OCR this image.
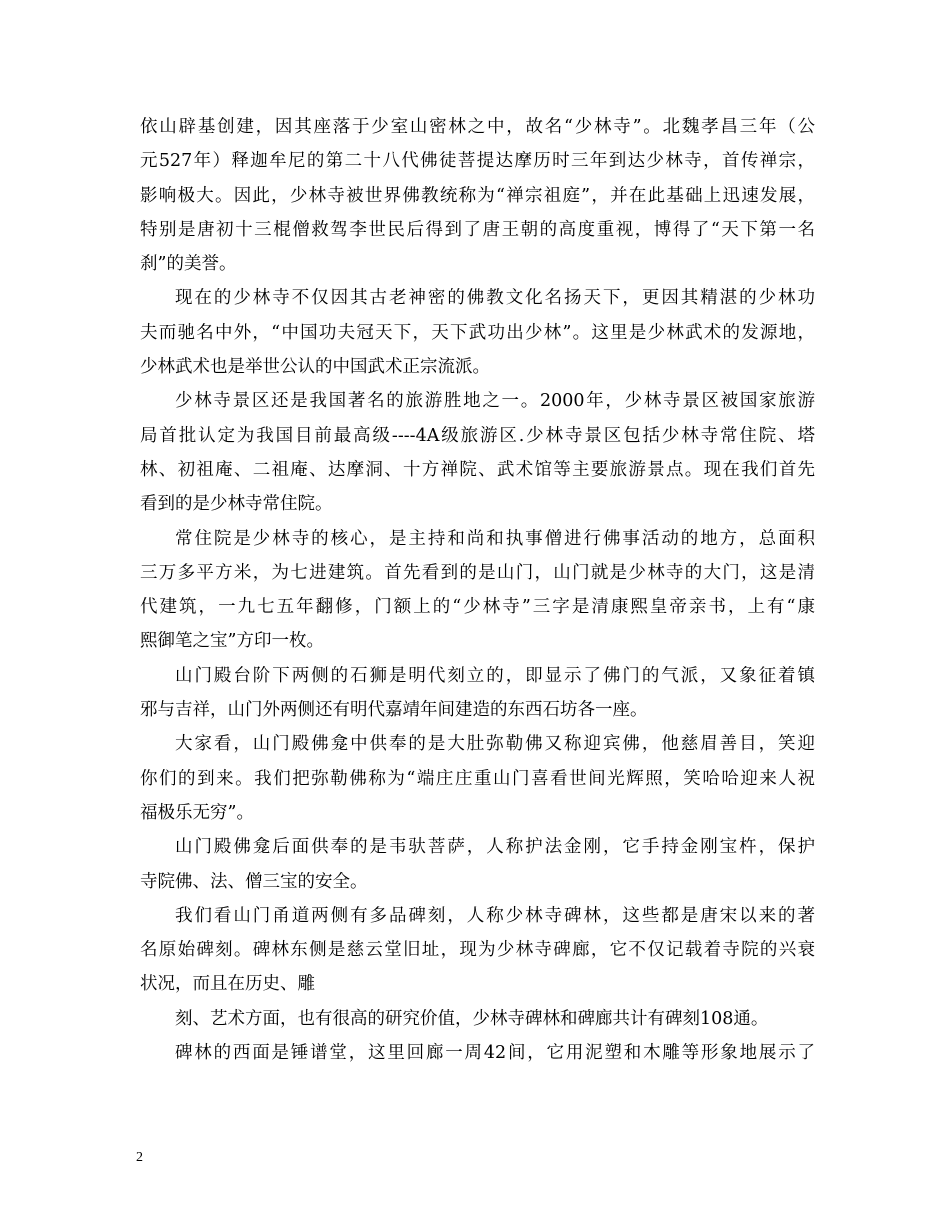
依山辟基创建，因其座落于少室山密林之中，故名“少林寺”。北魏孝昌三年（公
元527年）释迦牟尼的第二十八代佛徒菩提达摩历时三年到达少林寺，首传禅宗，
影响极大。因此，少林寺被世界佛教统称为“禅宗祖庭”，并在此基础上迅速发展，
特别是唐初十三棍僧救驾李世民后得到了唐王朝的高度重视，博得了“天下第一名
刹”的美誉。
现在的少林寺不仅因其古老神密的佛教文化名扬天下，更因其精湛的少林功
夫而驰名中外，“中国功夫冠天下，天下武功出少林”。这里是少林武术的发源地，
少林武术也是举世公认的中国武术正宗流派。
少林寺景区还是我国著名的旅游胜地之一。2000年，少林寺景区被国家旅游
局首批认定为我国目前最高级----4A级旅游区.少林寺景区包括少林寺常住院、塔
林、初祖庵、二祖庵、达摩洞、十方禅院、武术馆等主要旅游景点。现在我们首先
看到的是少林寺常住院。
常住院是少林寺的核心，是主持和尚和执事僧进行佛事活动的地方，总面积
三万多平方米，为七进建筑。首先看到的是山门，山门就是少林寺的大门，这是清
代建筑，一九七五年翻修，门额上的“少林寺”三字是清康熙皇帝亲书，上有“康
熙御笔之宝”方印一枚。
山门殿台阶下两侧的石狮是明代刻立的，即显示了佛门的气派，又象征着镇
邪与吉祥，山门外两侧还有明代嘉靖年间建造的东西石坊各一座。
大家看，山门殿佛龛中供奉的是大肚弥勒佛又称迎宾佛，他慈眉善目，笑迎
你们的到来。我们把弥勒佛称为“端庄庄重山门喜看世间光辉照，笑哈哈迎来人祝
福极乐无穷”。
山门殿佛龛后面供奉的是韦驮菩萨，人称护法金刚，它手持金刚宝杵，保护
寺院佛、法、僧三宝的安全。
我们看山门甬道两侧有多品碑刻，人称少林寺碑林，这些都是唐宋以来的著
名原始碑刻。碑林东侧是慈云堂旧址，现为少林寺碑廊，它不仅记载着寺院的兴衰
状况，而且在历史、雕
刻、艺术方面，也有很高的研究价值，少林寺碑林和碑廊共计有碑刻108通。
碑林的西面是锤谱堂，这里回廊一周42间，它用泥塑和木雕等形象地展示了
2
